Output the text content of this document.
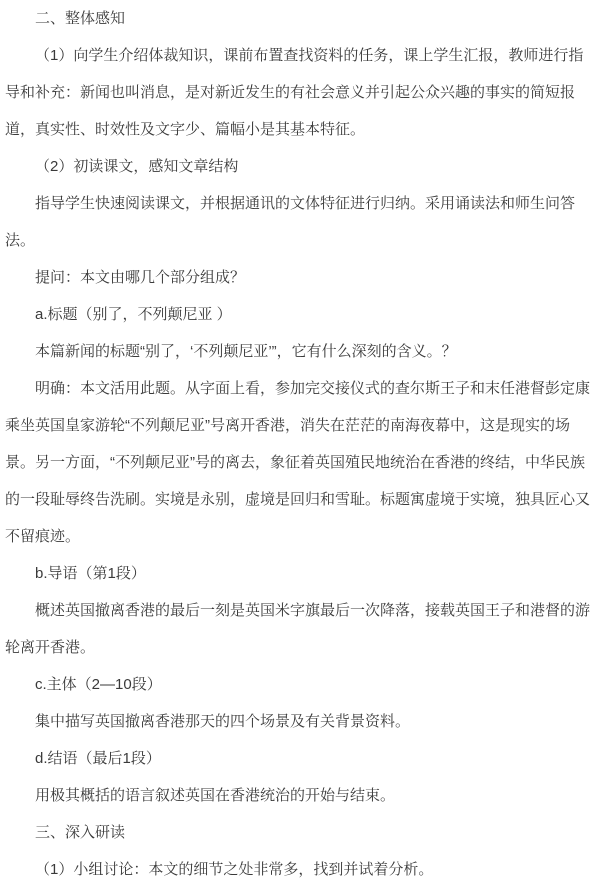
二、整体感知

（1）向学生介绍体裁知识，课前布置查找资料的任务，课上学生汇报，教师进行指导和补充：新闻也叫消息，是对新近发生的有社会意义并引起公众兴趣的事实的简短报道，真实性、时效性及文字少、篇幅小是其基本特征。

（2）初读课文，感知文章结构

指导学生快速阅读课文，并根据通讯的文体特征进行归纳。采用诵读法和师生问答法。

提问：本文由哪几个部分组成？

a.标题（别了，不列颠尼亚 ）

本篇新闻的标题“别了，‘不列颠尼亚’”，它有什么深刻的含义。？

明确：本文活用此题。从字面上看，参加完交接仪式的查尔斯王子和末任港督彭定康乘坐英国皇家游轮“不列颠尼亚”号离开香港，消失在茫茫的南海夜幕中，这是现实的场景。另一方面，“不列颠尼亚”号的离去，象征着英国殖民地统治在香港的终结，中华民族的一段耻辱终告洗刷。实境是永别，虚境是回归和雪耻。标题寓虚境于实境，独具匠心又不留痕迹。

b.导语（第1段）

概述英国撤离香港的最后一刻是英国米字旗最后一次降落，接载英国王子和港督的游轮离开香港。

c.主体（2—10段）

集中描写英国撤离香港那天的四个场景及有关背景资料。

d.结语（最后1段）

用极其概括的语言叙述英国在香港统治的开始与结束。

三、深入研读

（1）小组讨论：本文的细节之处非常多，找到并试着分析。
